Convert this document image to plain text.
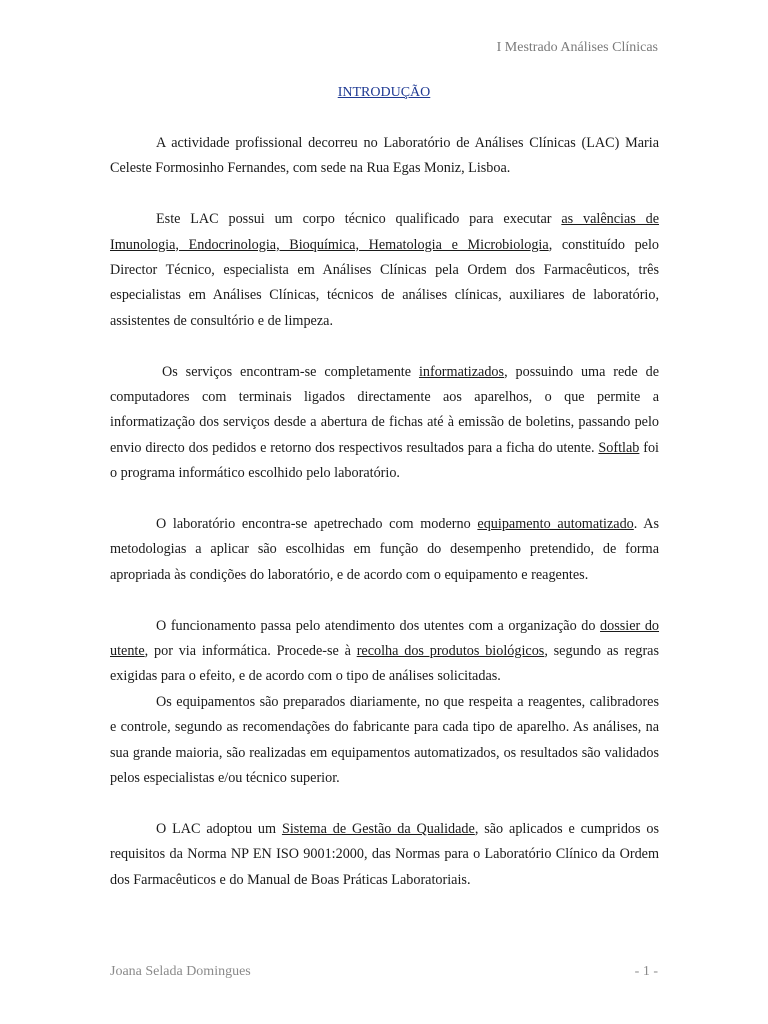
I Mestrado Análises Clínicas
INTRODUÇÃO

A actividade profissional decorreu no Laboratório de Análises Clínicas (LAC) Maria Celeste Formosinho Fernandes, com sede na Rua Egas Moniz, Lisboa.

Este LAC possui um corpo técnico qualificado para executar as valências de Imunologia, Endocrinologia, Bioquímica, Hematologia e Microbiologia, constituído pelo Director Técnico, especialista em Análises Clínicas pela Ordem dos Farmacêuticos, três especialistas em Análises Clínicas, técnicos de análises clínicas, auxiliares de laboratório, assistentes de consultório e de limpeza.

Os serviços encontram-se completamente informatizados, possuindo uma rede de computadores com terminais ligados directamente aos aparelhos, o que permite a informatização dos serviços desde a abertura de fichas até à emissão de boletins, passando pelo envio directo dos pedidos e retorno dos respectivos resultados para a ficha do utente. Softlab foi o programa informático escolhido pelo laboratório.

O laboratório encontra-se apetrechado com moderno equipamento automatizado. As metodologias a aplicar são escolhidas em função do desempenho pretendido, de forma apropriada às condições do laboratório, e de acordo com o equipamento e reagentes.

O funcionamento passa pelo atendimento dos utentes com a organização do dossier do utente, por via informática. Procede-se à recolha dos produtos biológicos, segundo as regras exigidas para o efeito, e de acordo com o tipo de análises solicitadas.

Os equipamentos são preparados diariamente, no que respeita a reagentes, calibradores e controle, segundo as recomendações do fabricante para cada tipo de aparelho. As análises, na sua grande maioria, são realizadas em equipamentos automatizados, os resultados são validados pelos especialistas e/ou técnico superior.

O LAC adoptou um Sistema de Gestão da Qualidade, são aplicados e cumpridos os requisitos da Norma NP EN ISO 9001:2000, das Normas para o Laboratório Clínico da Ordem dos Farmacêuticos e do Manual de Boas Práticas Laboratoriais.

Joana Selada Domingues	- 1 -
